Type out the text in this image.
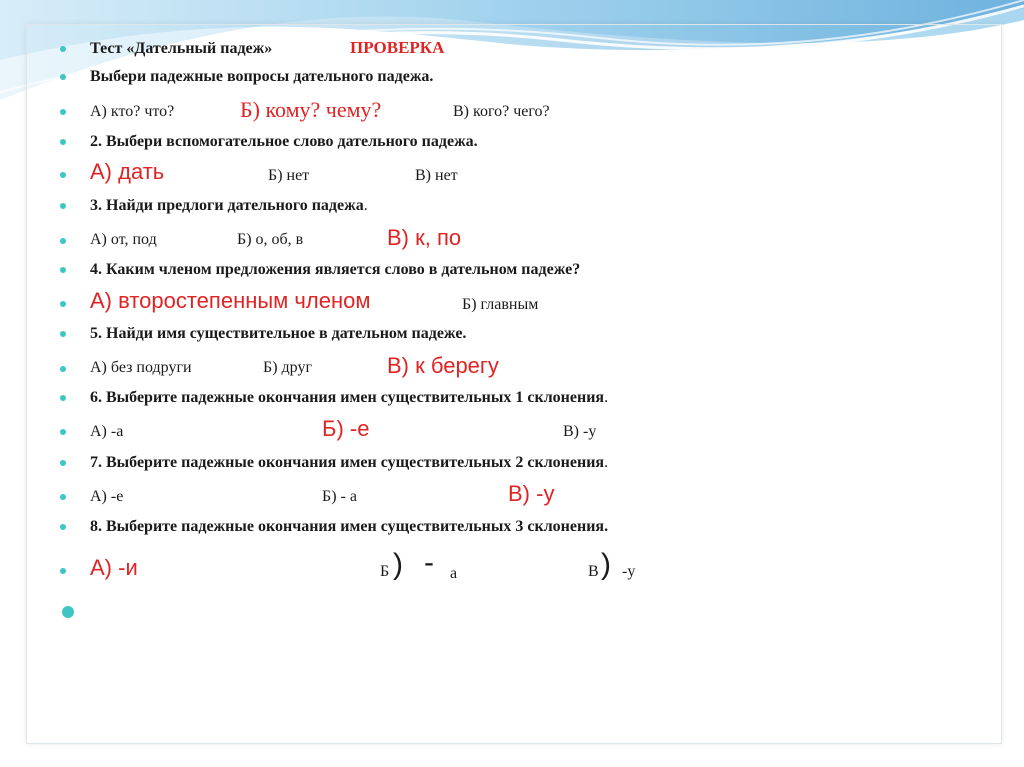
Тест «Дательный падеж»	ПРОВЕРКА
Выбери падежные вопросы дательного падежа.
А) кто? что?	Б) кому? чему?	В) кого? чего?
2. Выбери вспомогательное слово дательного падежа.
А) дать	Б) нет	В) нет
3. Найди предлоги дательного падежа.
А) от, под	Б) о, об, в	В) к, по
4. Каким членом предложения является слово в дательном падеже?
А) второстепенным членом	Б) главным
5. Найди имя существительное в дательном падеже.
А) без подруги	Б) друг	В) к берегу
6. Выберите падежные окончания имен существительных 1 склонения.
А) -а	Б) -е	В) -у
7. Выберите падежные окончания имен существительных 2 склонения.
А) -е	Б) - а	В) -у
8. Выберите падежные окончания имен существительных 3 склонения.
А) -и	Б ) - а	В ) -у
